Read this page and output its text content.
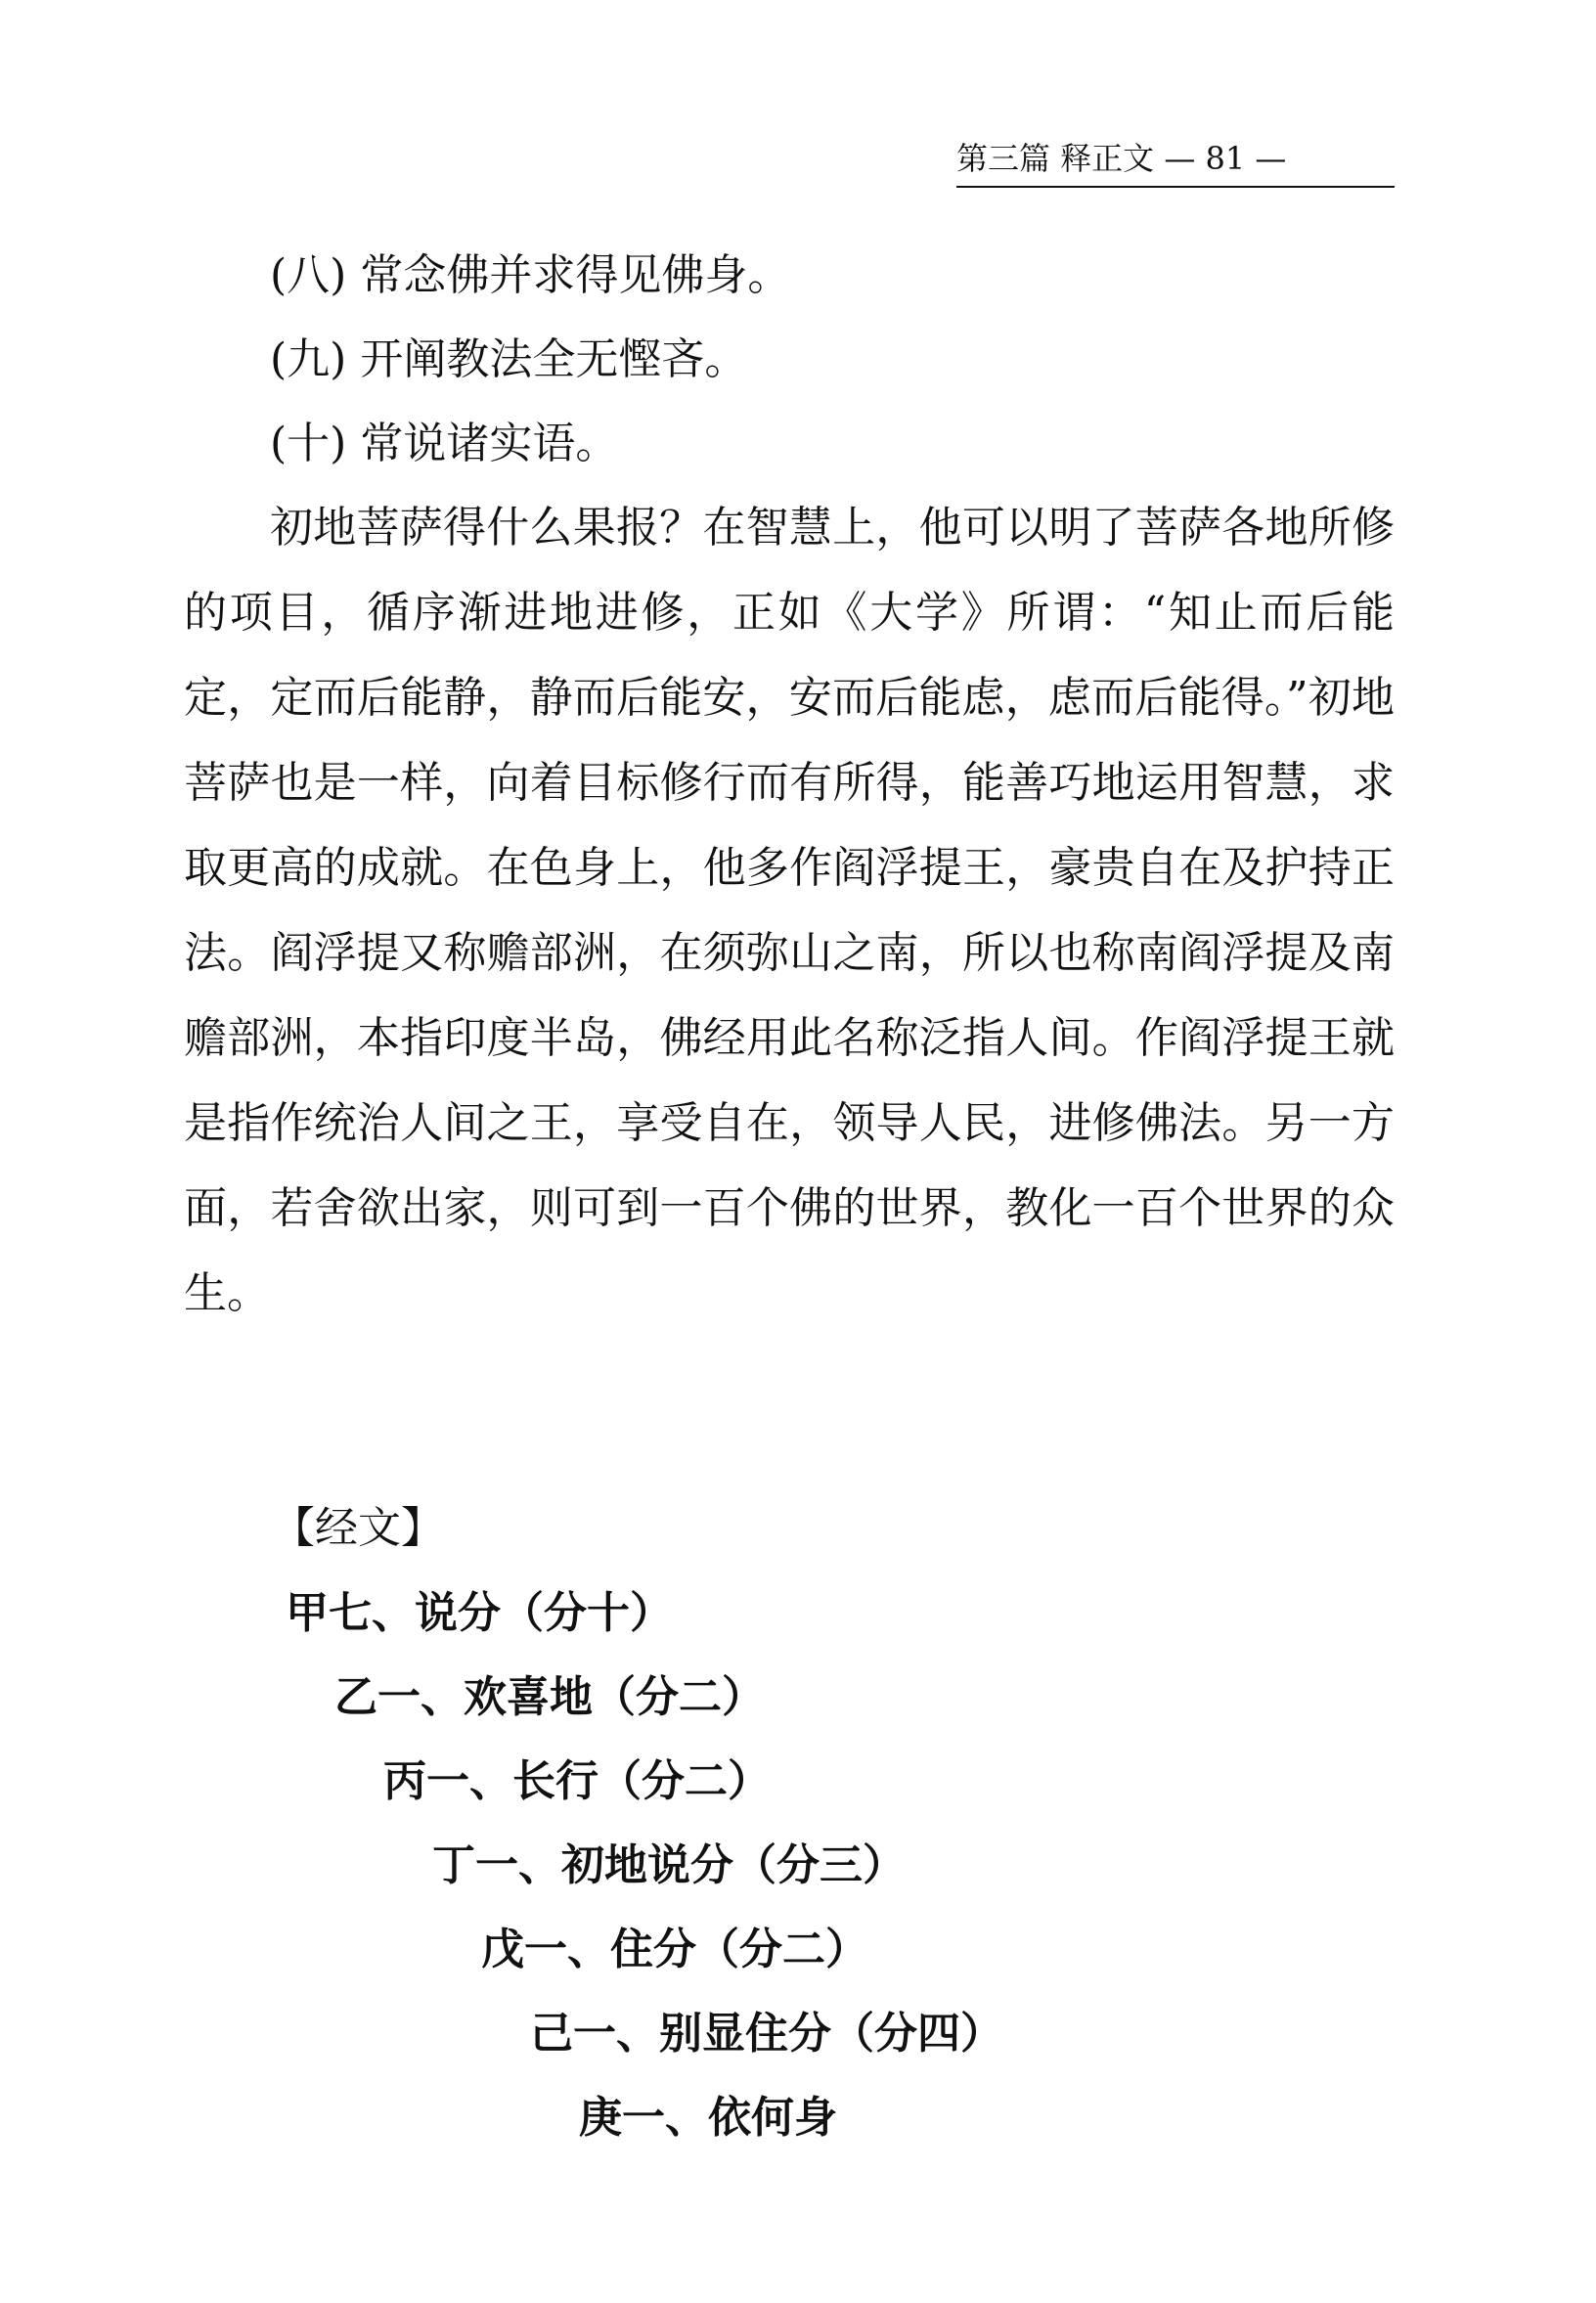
第三篇 释正文 — 81 —
(八) 常念佛并求得见佛身。
(九) 开阐教法全无慳吝。
(十) 常说诸实语。

初地菩萨得什么果报？在智慧上，他可以明了菩萨各地所修的项目，循序渐进地进修，正如《大学》所谓：“知止而后能定，定而后能静，静而后能安，安而后能虑，虑而后能得。”初地菩萨也是一样，向着目标修行而有所得，能善巧地运用智慧，求取更高的成就。在色身上，他多作阎浮提王，豪贵自在及护持正法。阎浮提又称赡部洲，在须弥山之南，所以也称南阎浮提及南赡部洲，本指印度半岛，佛经用此名称泛指人间。作阎浮提王就是指作统治人间之王，享受自在，领导人民，进修佛法。另一方面，若舍欲出家，则可到一百个佛的世界，教化一百个世界的众生。

【经文】
甲七、说分（分十）
乙一、欢喜地（分二）
丙一、长行（分二）
丁一、初地说分（分三）
戊一、住分（分二）
己一、别显住分（分四）
庚一、依何身
